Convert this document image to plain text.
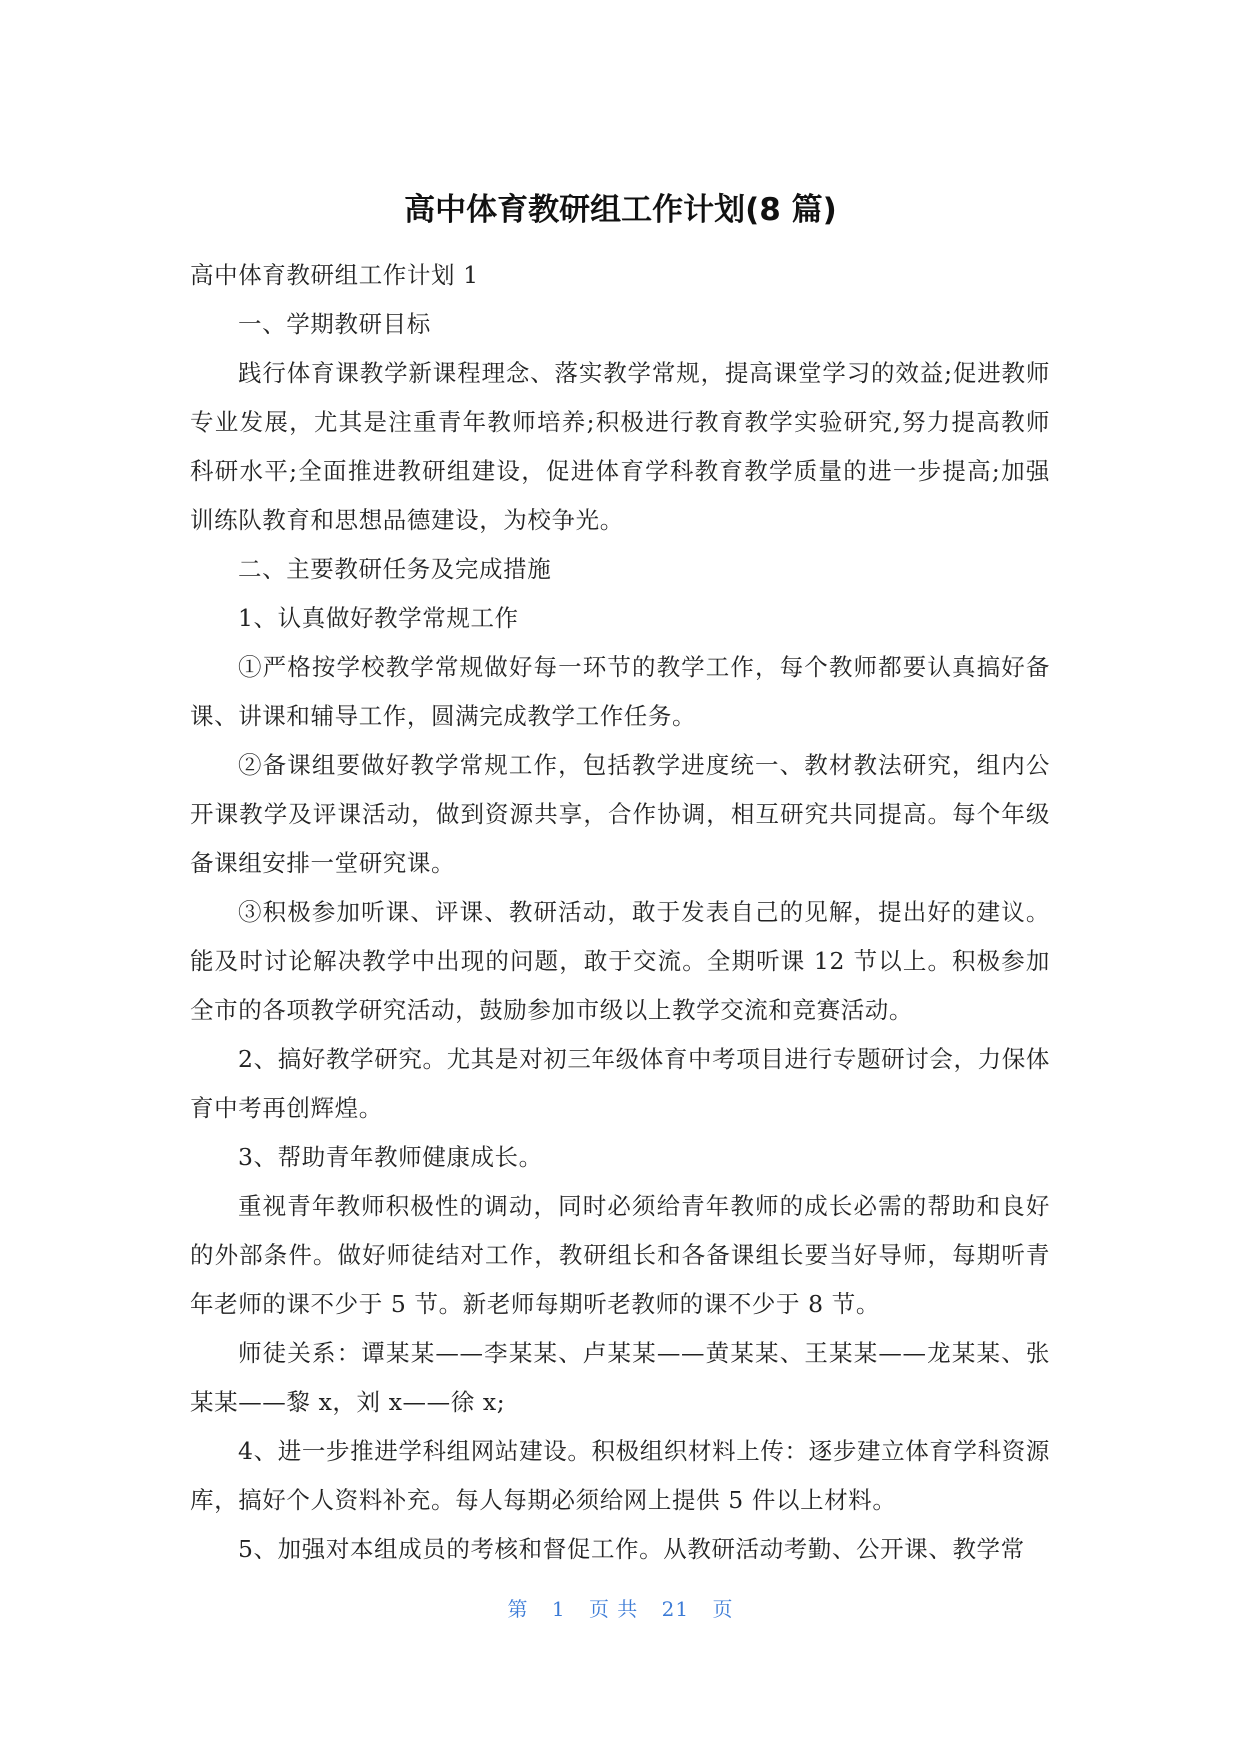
高中体育教研组工作计划(8 篇)

高中体育教研组工作计划 1

一、学期教研目标

践行体育课教学新课程理念、落实教学常规，提高课堂学习的效益;促进教师专业发展，尤其是注重青年教师培养;积极进行教育教学实验研究,努力提高教师科研水平;全面推进教研组建设，促进体育学科教育教学质量的进一步提高;加强训练队教育和思想品德建设，为校争光。

二、主要教研任务及完成措施

1、认真做好教学常规工作

①严格按学校教学常规做好每一环节的教学工作，每个教师都要认真搞好备课、讲课和辅导工作，圆满完成教学工作任务。

②备课组要做好教学常规工作，包括教学进度统一、教材教法研究，组内公开课教学及评课活动，做到资源共享，合作协调，相互研究共同提高。每个年级备课组安排一堂研究课。

③积极参加听课、评课、教研活动，敢于发表自己的见解，提出好的建议。能及时讨论解决教学中出现的问题，敢于交流。全期听课 12 节以上。积极参加全市的各项教学研究活动，鼓励参加市级以上教学交流和竞赛活动。

2、搞好教学研究。尤其是对初三年级体育中考项目进行专题研讨会，力保体育中考再创辉煌。

3、帮助青年教师健康成长。

重视青年教师积极性的调动，同时必须给青年教师的成长必需的帮助和良好的外部条件。做好师徒结对工作，教研组长和各备课组长要当好导师，每期听青年老师的课不少于 5 节。新老师每期听老教师的课不少于 8 节。

师徒关系：谭某某——李某某、卢某某——黄某某、王某某——龙某某、张某某——黎 x，刘 x——徐 x;

4、进一步推进学科组网站建设。积极组织材料上传：逐步建立体育学科资源库，搞好个人资料补充。每人每期必须给网上提供 5 件以上材料。

5、加强对本组成员的考核和督促工作。从教研活动考勤、公开课、教学常

第 1 页 共 21 页
